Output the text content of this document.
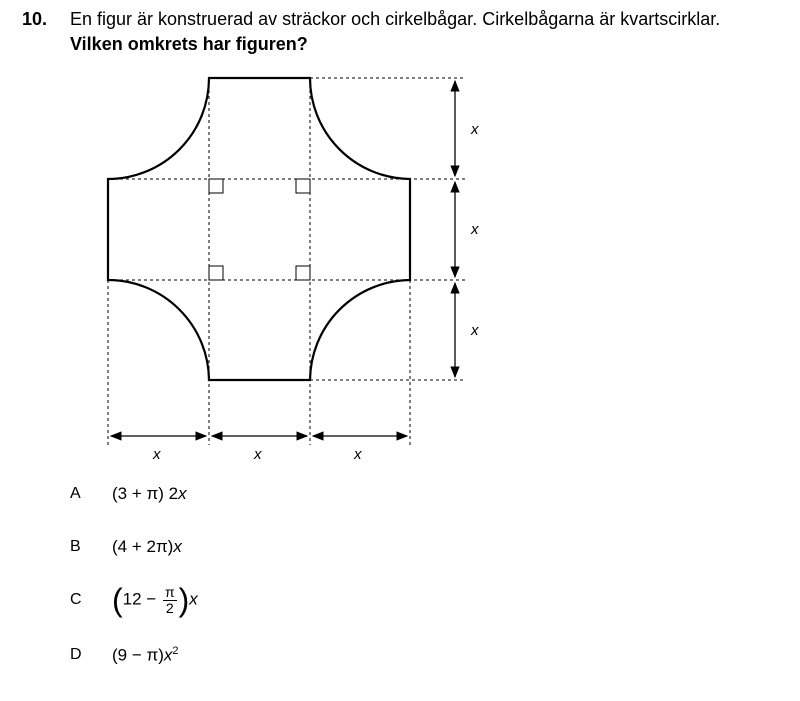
10. En figur är konstruerad av sträckor och cirkelbågar. Cirkelbågarna är kvartscirklar.
Vilken omkrets har figuren?
x
x
x
x	x	x
A	(3 + π) 2x
B	(4 + 2π)x
C $(12 - \frac{\pi}{2} )x$
D	$(9 - \pi)x^2$
